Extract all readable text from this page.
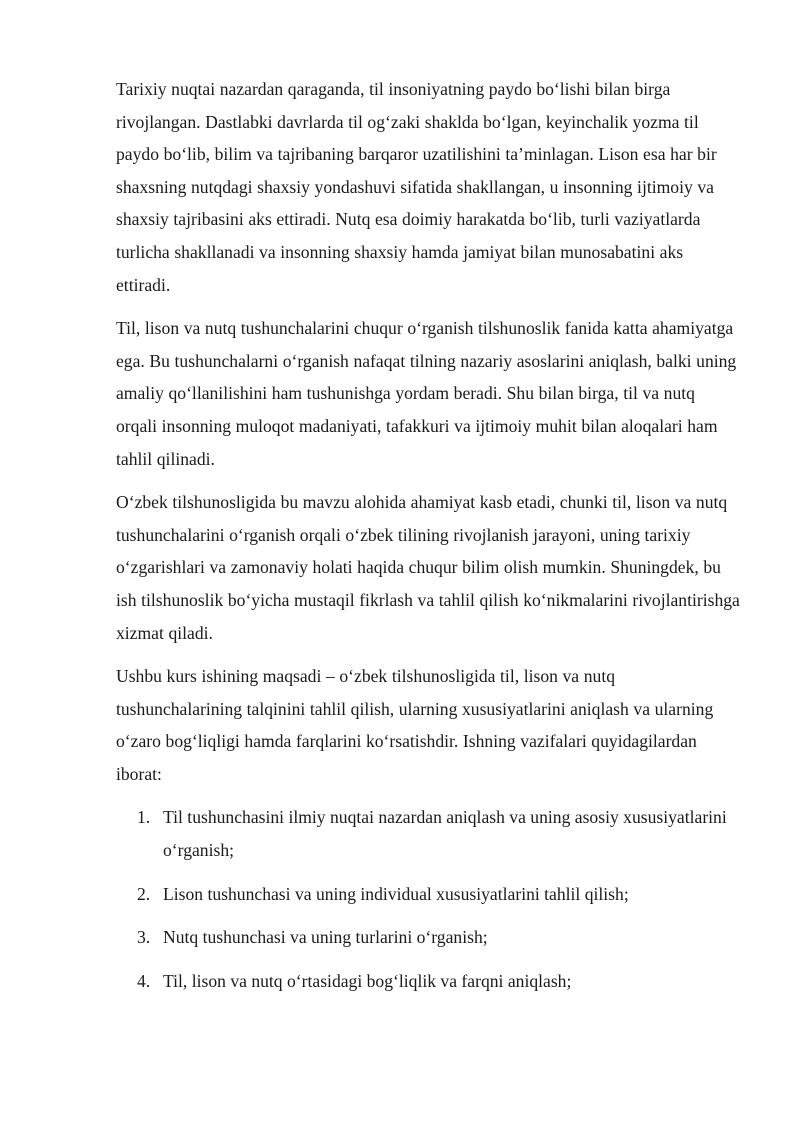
Tarixiy nuqtai nazardan qaraganda, til insoniyatning paydo bo‘lishi bilan birga rivojlangan. Dastlabki davrlarda til og‘zaki shaklda bo‘lgan, keyinchalik yozma til paydo bo‘lib, bilim va tajribaning barqaror uzatilishini ta’minlagan. Lison esa har bir shaxsning nutqdagi shaxsiy yondashuvi sifatida shakllangan, u insonning ijtimoiy va shaxsiy tajribasini aks ettiradi. Nutq esa doimiy harakatda bo‘lib, turli vaziyatlarda turlicha shakllanadi va insonning shaxsiy hamda jamiyat bilan munosabatini aks ettiradi.

Til, lison va nutq tushunchalarini chuqur o‘rganish tilshunoslik fanida katta ahamiyatga ega. Bu tushunchalarni o‘rganish nafaqat tilning nazariy asoslarini aniqlash, balki uning amaliy qo‘llanilishini ham tushunishga yordam beradi. Shu bilan birga, til va nutq orqali insonning muloqot madaniyati, tafakkuri va ijtimoiy muhit bilan aloqalari ham tahlil qilinadi.

O‘zbek tilshunosligida bu mavzu alohida ahamiyat kasb etadi, chunki til, lison va nutq tushunchalarini o‘rganish orqali o‘zbek tilining rivojlanish jarayoni, uning tarixiy o‘zgarishlari va zamonaviy holati haqida chuqur bilim olish mumkin. Shuningdek, bu ish tilshunoslik bo‘yicha mustaqil fikrlash va tahlil qilish ko‘nikmalarini rivojlantirishga xizmat qiladi.

Ushbu kurs ishining maqsadi – o‘zbek tilshunosligida til, lison va nutq tushunchalarining talqinini tahlil qilish, ularning xususiyatlarini aniqlash va ularning o‘zaro bog‘liqligi hamda farqlarini ko‘rsatishdir. Ishning vazifalari quyidagilardan iborat:

1. Til tushunchasini ilmiy nuqtai nazardan aniqlash va uning asosiy xususiyatlarini o‘rganish;
2. Lison tushunchasi va uning individual xususiyatlarini tahlil qilish;
3. Nutq tushunchasi va uning turlarini o‘rganish;
4. Til, lison va nutq o‘rtasidagi bog‘liqlik va farqni aniqlash;
